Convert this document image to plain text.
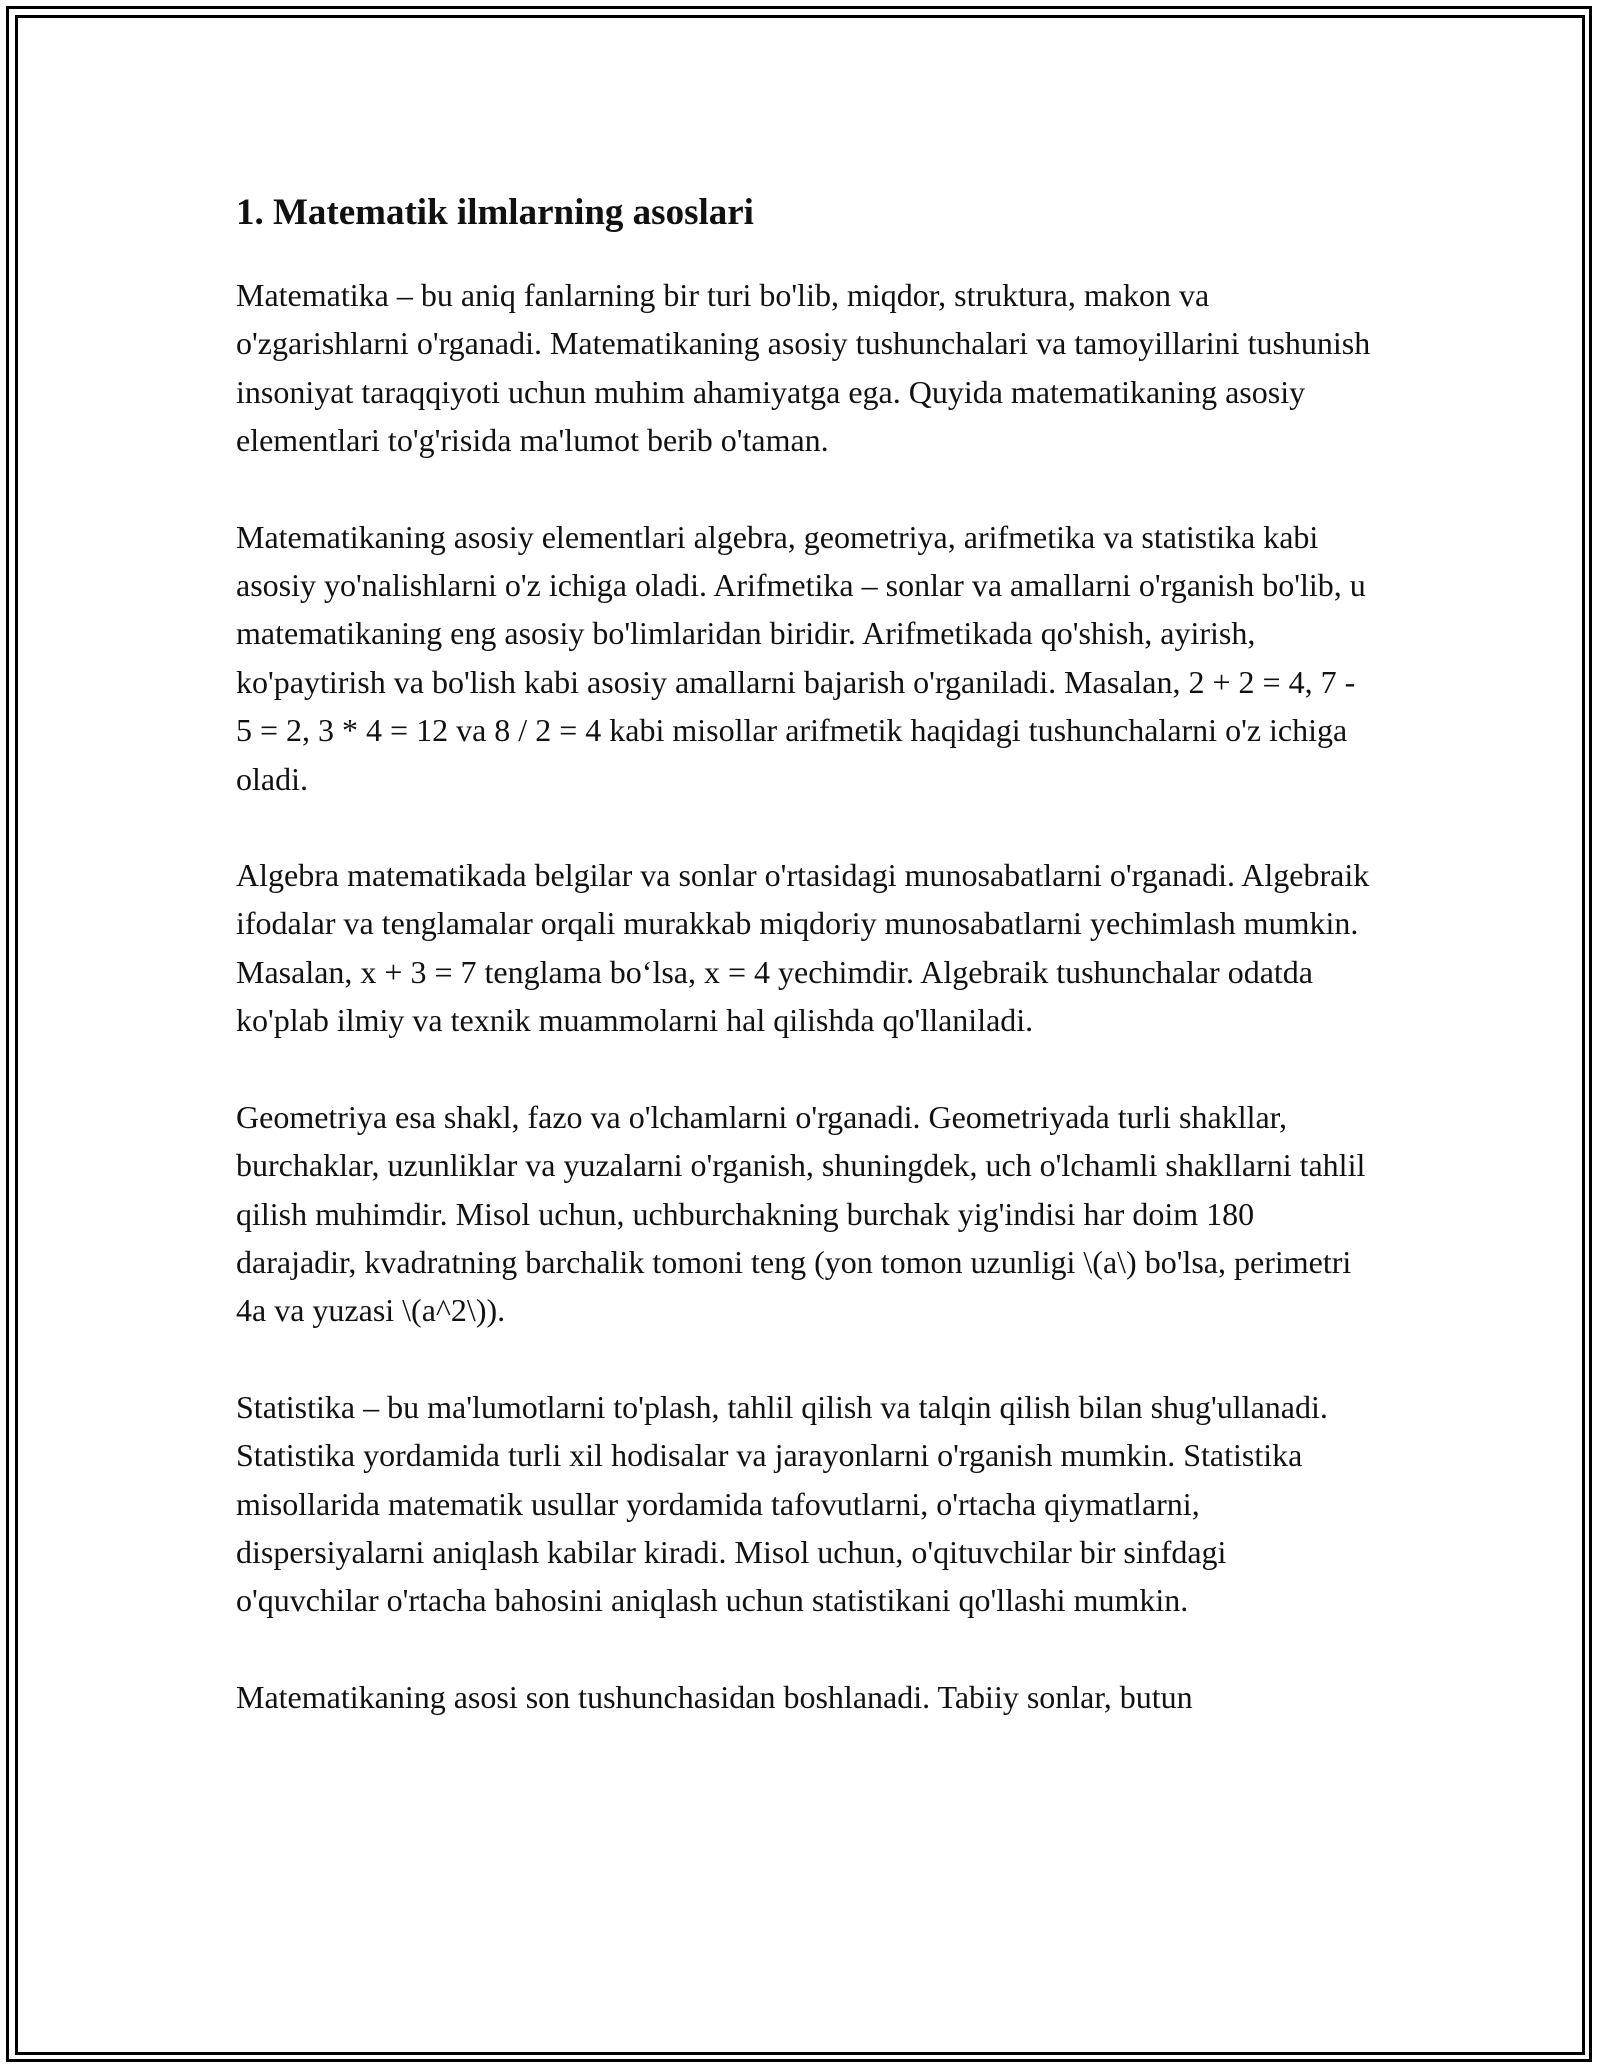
1. Matematik ilmlarning asoslari

Matematika – bu aniq fanlarning bir turi bo'lib, miqdor, struktura, makon va o'zgarishlarni o'rganadi. Matematikaning asosiy tushunchalari va tamoyillarini tushunish insoniyat taraqqiyoti uchun muhim ahamiyatga ega. Quyida matematikaning asosiy elementlari to'g'risida ma'lumot berib o'taman.

Matematikaning asosiy elementlari algebra, geometriya, arifmetika va statistika kabi asosiy yo'nalishlarni o'z ichiga oladi. Arifmetika – sonlar va amallarni o'rganish bo'lib, u matematikaning eng asosiy bo'limlaridan biridir. Arifmetikada qo'shish, ayirish, ko'paytirish va bo'lish kabi asosiy amallarni bajarish o'rganiladi. Masalan, 2 + 2 = 4, 7 - 5 = 2, 3 * 4 = 12 va 8 / 2 = 4 kabi misollar arifmetik haqidagi tushunchalarni o'z ichiga oladi.

Algebra matematikada belgilar va sonlar o'rtasidagi munosabatlarni o'rganadi. Algebraik ifodalar va tenglamalar orqali murakkab miqdoriy munosabatlarni yechimlash mumkin. Masalan, x + 3 = 7 tenglama bo‘lsa, x = 4 yechimdir. Algebraik tushunchalar odatda ko'plab ilmiy va texnik muammolarni hal qilishda qo'llaniladi.

Geometriya esa shakl, fazo va o'lchamlarni o'rganadi. Geometriyada turli shakllar, burchaklar, uzunliklar va yuzalarni o'rganish, shuningdek, uch o'lchamli shakllarni tahlil qilish muhimdir. Misol uchun, uchburchakning burchak yig'indisi har doim 180 darajadir, kvadratning barchalik tomoni teng (yon tomon uzunligi \(a\) bo'lsa, perimetri 4a va yuzasi \(a^2\)).

Statistika – bu ma'lumotlarni to'plash, tahlil qilish va talqin qilish bilan shug'ullanadi. Statistika yordamida turli xil hodisalar va jarayonlarni o'rganish mumkin. Statistika misollarida matematik usullar yordamida tafovutlarni, o'rtacha qiymatlarni, dispersiyalarni aniqlash kabilar kiradi. Misol uchun, o'qituvchilar bir sinfdagi o'quvchilar o'rtacha bahosini aniqlash uchun statistikani qo'llashi mumkin.

Matematikaning asosi son tushunchasidan boshlanadi. Tabiiy sonlar, butun
